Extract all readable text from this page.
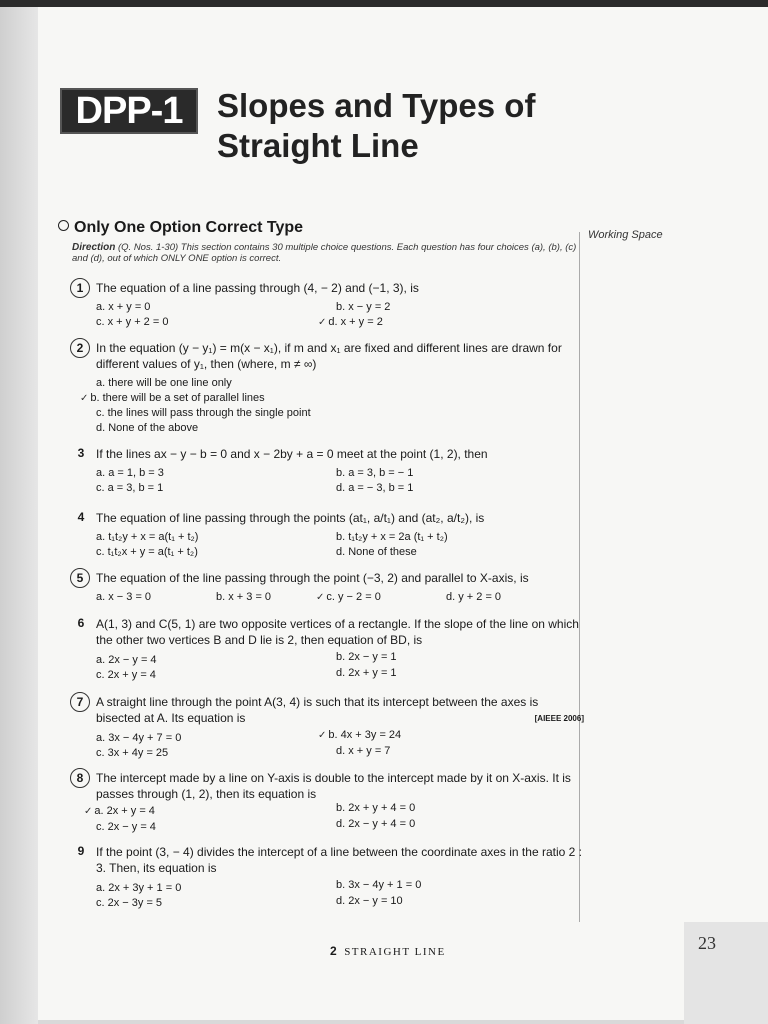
DPP-1	Slopes and Types of
Straight Line
Only One Option Correct Type	Working Space
Direction (Q. Nos. 1-30) This section contains 30 multiple choice questions. Each question has four choices (a), (b), (c) and (d), out of which ONLY ONE option is correct.
1	The equation of a line passing through (4, − 2) and (−1, 3), is
a. x + y = 0	b. x − y = 2
c. x + y + 2 = 0	✓ d. x + y = 2
2	In the equation (y − y₁) = m(x − x₁), if m and x₁ are fixed and different lines are drawn for different values of y₁, then (where, m ≠ ∞)
a. there will be one line only
✓ b. there will be a set of parallel lines
c. the lines will pass through the single point
d. None of the above
3 If the lines ax − y − b = 0 and x − 2by + a = 0 meet at the point (1, 2), then
a. a = 1, b = 3	b. a = 3, b = − 1
c. a = 3, b = 1	d. a = − 3, b = 1
4 The equation of line passing through the points (at₁, a/t₁) and (at₂, a/t₂), is
a. t₁t₂y + x = a(t₁ + t₂)	b. t₁t₂y + x = 2a (t₁ + t₂)
c. t₁t₂x + y = a(t₁ + t₂)	d. None of these
5	The equation of the line passing through the point (−3, 2) and parallel to X-axis, is
a. x − 3 = 0	b. x + 3 = 0	✓ c. y − 2 = 0	d. y + 2 = 0
6 A(1, 3) and C(5, 1) are two opposite vertices of a rectangle. If the slope of the line on which the other two vertices B and D lie is 2, then equation of BD, is
a. 2x − y = 4	b. 2x − y = 1
c. 2x + y = 4	d. 2x + y = 1
7	A straight line through the point A(3, 4) is such that its intercept between the axes is bisected at A. Its equation is	[AIEEE 2006]
a. 3x − 4y + 7 = 0	✓ b. 4x + 3y = 24
c. 3x + 4y = 25	d. x + y = 7
8	The intercept made by a line on Y-axis is double to the intercept made by it on X-axis. It is passes through (1, 2), then its equation is
✓ a. 2x + y = 4	b. 2x + y + 4 = 0
c. 2x − y = 4	d. 2x − y + 4 = 0
9 If the point (3, − 4) divides the intercept of a line between the coordinate axes in the ratio 2 : 3. Then, its equation is
a. 2x + 3y + 1 = 0	b. 3x − 4y + 1 = 0
c. 2x − 3y = 5	d. 2x − y = 10
2 STRAIGHT LINE	23
